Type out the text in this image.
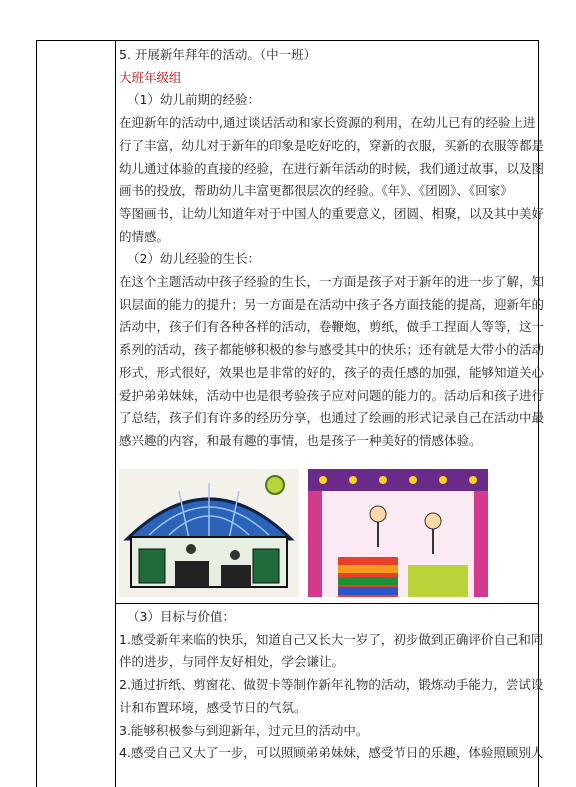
5. 开展新年拜年的活动。（中一班）

大班年级组

（1）幼儿前期的经验：

在迎新年的活动中,通过谈话活动和家长资源的利用，在幼儿已有的经验上进

行了丰富，幼儿对于新年的印象是吃好吃的，穿新的衣服，买新的衣服等都是

幼儿通过体验的直接的经验，在进行新年活动的时候，我们通过故事，以及图

画书的投放，帮助幼儿丰富更都很层次的经验。《年》、《团圆》、《回家》

等图画书，让幼儿知道年对于中国人的重要意义，团圆、相聚，以及其中美好

的情感。

（2）幼儿经验的生长：

在这个主题活动中孩子经验的生长，一方面是孩子对于新年的进一步了解，知

识层面的能力的提升；另一方面是在活动中孩子各方面技能的提高，迎新年的

活动中，孩子们有各种各样的活动，卷鞭炮，剪纸，做手工捏面人等等，这一

系列的活动，孩子都能够积极的参与感受其中的快乐；还有就是大带小的活动

形式，形式很好，效果也是非常的好的，孩子的责任感的加强，能够知道关心

爱护弟弟妹妹，活动中也是很考验孩子应对问题的能力的。活动后和孩子进行

了总结，孩子们有许多的经历分享，也通过了绘画的形式记录自己在活动中最

感兴趣的内容，和最有趣的事情，也是孩子一种美好的情感体验。

（3）目标与价值：

1.感受新年来临的快乐，知道自己又长大一岁了，初步做到正确评价自己和同

伴的进步，与同伴友好相处，学会谦让。

2.通过折纸、剪窗花、做贺卡等制作新年礼物的活动，锻炼动手能力，尝试设

计和布置环境，感受节日的气氛。

3.能够积极参与到迎新年，过元旦的活动中。

4.感受自己又大了一步，可以照顾弟弟妹妹，感受节日的乐趣，体验照顾别人
